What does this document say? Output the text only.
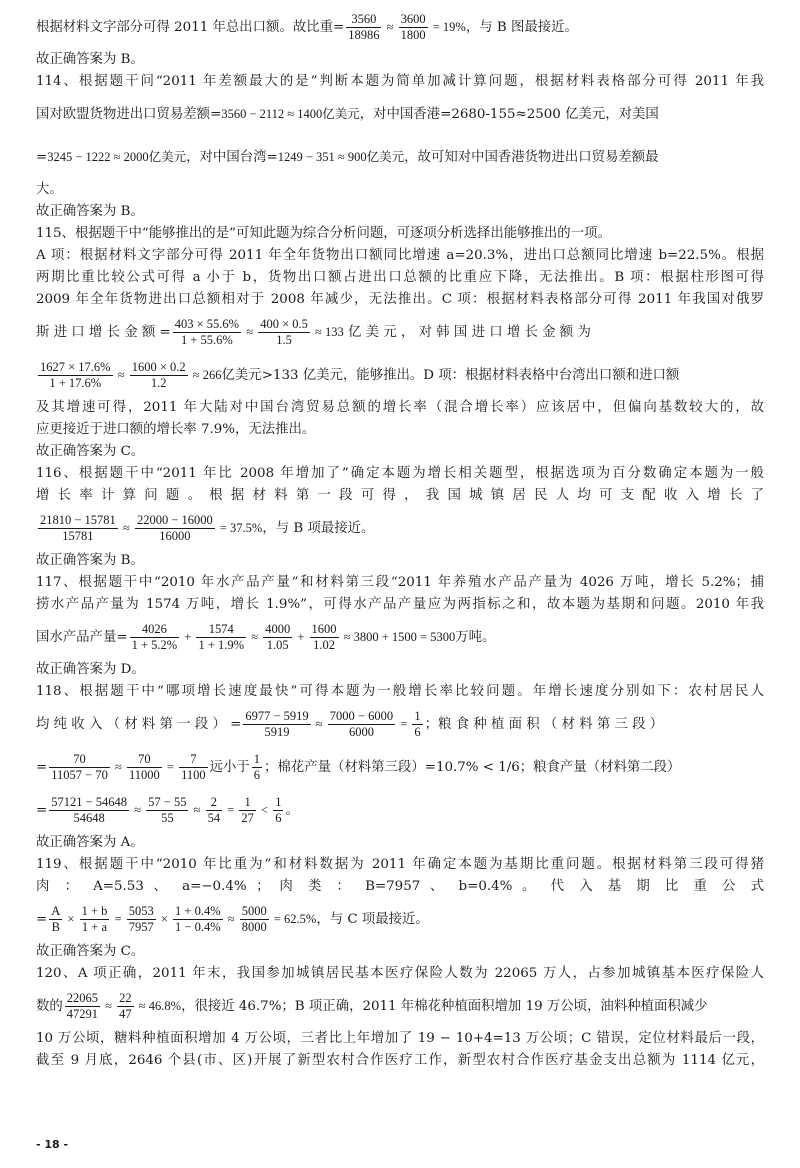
根据材料文字部分可得 2011 年总出口额。故比重= $\frac{3560}{18986} \approx \frac{3600}{1800} = 19\%$，与 B 图最接近。
故正确答案为 B。
114、根据题干问“2011 年差额最大的是”判断本题为简单加减计算问题，根据材料表格部分可得 2011 年我
国对欧盟货物进出口贸易差额=3560 − 2112 ≈ 1400亿美元，对中国香港=2680-155≈2500 亿美元，对美国
=3245 − 1222 ≈ 2000亿美元，对中国台湾=1249 − 351 ≈ 900亿美元，故可知对中国香港货物进出口贸易差额最
大。
故正确答案为 B。
115、根据题干中“能够推出的是”可知此题为综合分析问题，可逐项分析选择出能够推出的一项。
A 项：根据材料文字部分可得 2011 年全年货物出口额同比增速 a=20.3%，进出口总额同比增速 b=22.5%。根据
两期比重比较公式可得 a 小于 b，货物出口额占进出口总额的比重应下降，无法推出。B 项：根据柱形图可得
2009 年全年货物进出口总额相对于 2008 年减少，无法推出。C 项：根据材料表格部分可得 2011 年我国对俄罗
斯 进 口 增 长 金 额 = $\frac{403 \times 55.6\%}{1 + 55.6\%} \approx \frac{400 \times 0.5}{1.5} \approx 133$ 亿 美 元 ， 对 韩 国 进 口 增 长 金 额 为
$\frac{1627 \times 17.6\%}{1 + 17.6\%} \approx \frac{1600 \times 0.2}{1.2} \approx 266$亿美元>133 亿美元，能够推出。D 项：根据材料表格中台湾出口额和进口额
及其增速可得，2011 年大陆对中国台湾贸易总额的增长率（混合增长率）应该居中，但偏向基数较大的，故
应更接近于进口额的增长率 7.9%，无法推出。
故正确答案为 C。
116、根据题干中“2011 年比 2008 年增加了”确定本题为增长相关题型，根据选项为百分数确定本题为一般
增 长 率 计 算 问 题 。 根 据 材 料 第 一 段 可 得 ， 我 国 城 镇 居 民 人 均 可 支 配 收 入 增 长 了
$\frac{21810 - 15781}{15781} \approx \frac{22000 - 16000}{16000} = 37.5\%$，与 B 项最接近。
故正确答案为 B。
117、根据题干中“2010 年水产品产量”和材料第三段“2011 年养殖水产品产量为 4026 万吨，增长 5.2%；捕
捞水产品产量为 1574 万吨，增长 1.9%”，可得水产品产量应为两指标之和，故本题为基期和问题。2010 年我
国水产品产量= $\frac{4026}{1 + 5.2\%} + \frac{1574}{1 + 1.9\%} \approx \frac{4000}{1.05} + \frac{1600}{1.02} \approx 3800 + 1500 = 5300$万吨。
故正确答案为 D。
118、根据题干中“哪项增长速度最快”可得本题为一般增长率比较问题。年增长速度分别如下：农村居民人
均 纯 收 入 （ 材 料 第 一 段 ） = $\frac{6977 - 5919}{5919} \approx \frac{7000 - 6000}{6000} = \frac{1}{6}$ ；粮 食 种 植 面 积 （ 材 料 第 三 段 ）
= $\frac{70}{11057 - 70} \approx \frac{70}{11000} = \frac{7}{1100}$ 远小于 $\frac{1}{6}$ ；棉花产量（材料第三段）=10.7% < 1/6；粮食产量（材料第二段）
= $\frac{57121 - 54648}{54648} \approx \frac{57 - 55}{55} \approx \frac{2}{54} = \frac{1}{27} < \frac{1}{6}$ 。
故正确答案为 A。
119、根据题干中“2010 年比重为”和材料数据为 2011 年确定本题为基期比重问题。根据材料第三段可得猪
肉 ： A=5.53 、 a=−0.4% ； 肉 类 ： B=7957 、 b=0.4% 。 代 入 基 期 比 重 公 式
= $\frac{A}{B} \times \frac{1 + b}{1 + a} = \frac{5053}{7957} \times \frac{1 + 0.4\%}{1 - 0.4\%} \approx \frac{5000}{8000} = 62.5\%$，与 C 项最接近。
故正确答案为 C。
120、A 项正确，2011 年末，我国参加城镇居民基本医疗保险人数为 22065 万人，占参加城镇基本医疗保险人
数的 $\frac{22065}{47291} \approx \frac{22}{47} \approx 46.8\%$，很接近 46.7%；B 项正确，2011 年棉花种植面积增加 19 万公顷，油料种植面积减少
10 万公顷，糖料种植面积增加 4 万公顷，三者比上年增加了 19 − 10+4=13 万公顷；C 错误，定位材料最后一段，
截至 9 月底，2646 个县(市、区)开展了新型农村合作医疗工作，新型农村合作医疗基金支出总额为 1114 亿元，
- 18 -
